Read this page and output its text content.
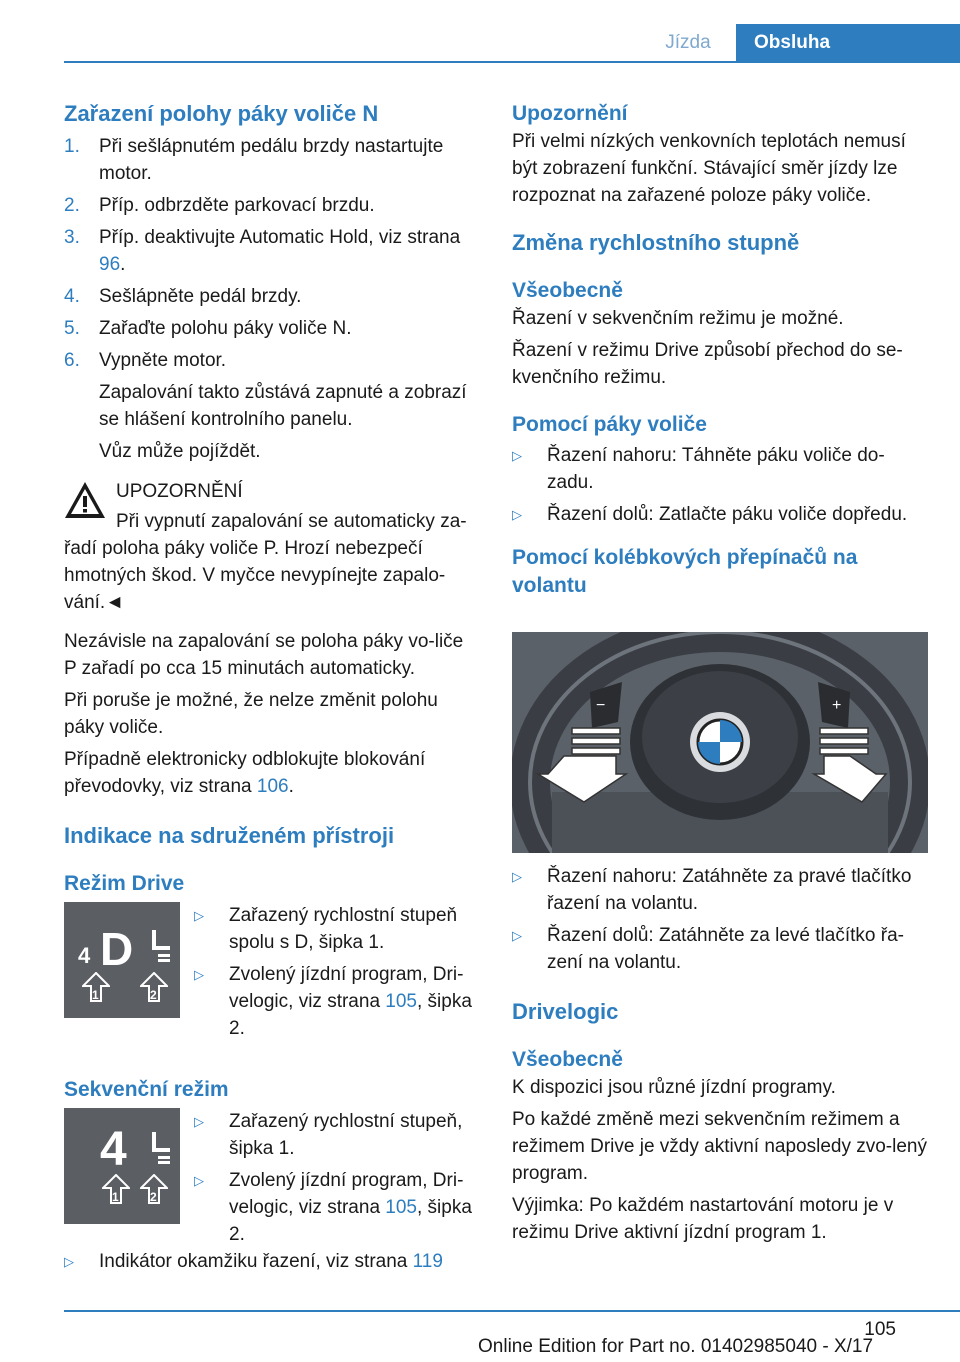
Jízda	Obsluha
Zařazení polohy páky voliče N
1. Při sešlápnutém pedálu brzdy nastartujte motor.
2. Příp. odbrzděte parkovací brzdu.
3. Příp. deaktivujte Automatic Hold, viz strana 96.
4. Sešlápněte pedál brzdy.
5. Zařaďte polohu páky voliče N.
6. Vypněte motor.

Zapalování takto zůstává zapnuté a zobrazí se hlášení kontrolního panelu.

Vůz může pojíždět.

UPOZORNĚNÍ

Při vypnutí zapalování se automaticky za-řadí poloha páky voliče P. Hrozí nebezpečí hmotných škod. V myčce nevypínejte zapalo-vání.◄

Nezávisle na zapalování se poloha páky vo-liče P zařadí po cca 15 minutách automaticky.

Při poruše je možné, že nelze změnit polohu páky voliče.

Případně elektronicky odblokujte blokování převodovky, viz strana 106.

Indikace na sdruženém přístroji
Režim Drive
4 D
1	2
▷ Zařazený rychlostní stupeň spolu s D, šipka 1.
▷ Zvolený jízdní program, Dri-velogic, viz strana 105, šipka 2.
Sekvenční režim
4
1	2
▷ Zařazený rychlostní stupeň, šipka 1.
▷ Zvolený jízdní program, Dri-velogic, viz strana 105, šipka 2.
▷ Indikátor okamžiku řazení, viz strana 119
Upozornění

Při velmi nízkých venkovních teplotách nemusí být zobrazení funkční. Stávající směr jízdy lze rozpoznat na zařazené poloze páky voliče.

Změna rychlostního stupně
Všeobecně

Řazení v sekvenčním režimu je možné.

Řazení v režimu Drive způsobí přechod do se-kvenčního režimu.

Pomocí páky voliče
▷ Řazení nahoru: Táhněte páku voliče do-zadu.
▷ Řazení dolů: Zatlačte páku voliče dopředu.
Pomocí kolébkových přepínačů na volantu
−	+
▷ Řazení nahoru: Zatáhněte za pravé tlačítko řazení na volantu.
▷ Řazení dolů: Zatáhněte za levé tlačítko řa-zení na volantu.
Drivelogic
Všeobecně

K dispozici jsou různé jízdní programy.

Po každé změně mezi sekvenčním režimem a režimem Drive je vždy aktivní naposledy zvo-lený program.

Výjimka: Po každém nastartování motoru je v režimu Drive aktivní jízdní program 1.

105
Online Edition for Part no. 01402985040 - X/17
